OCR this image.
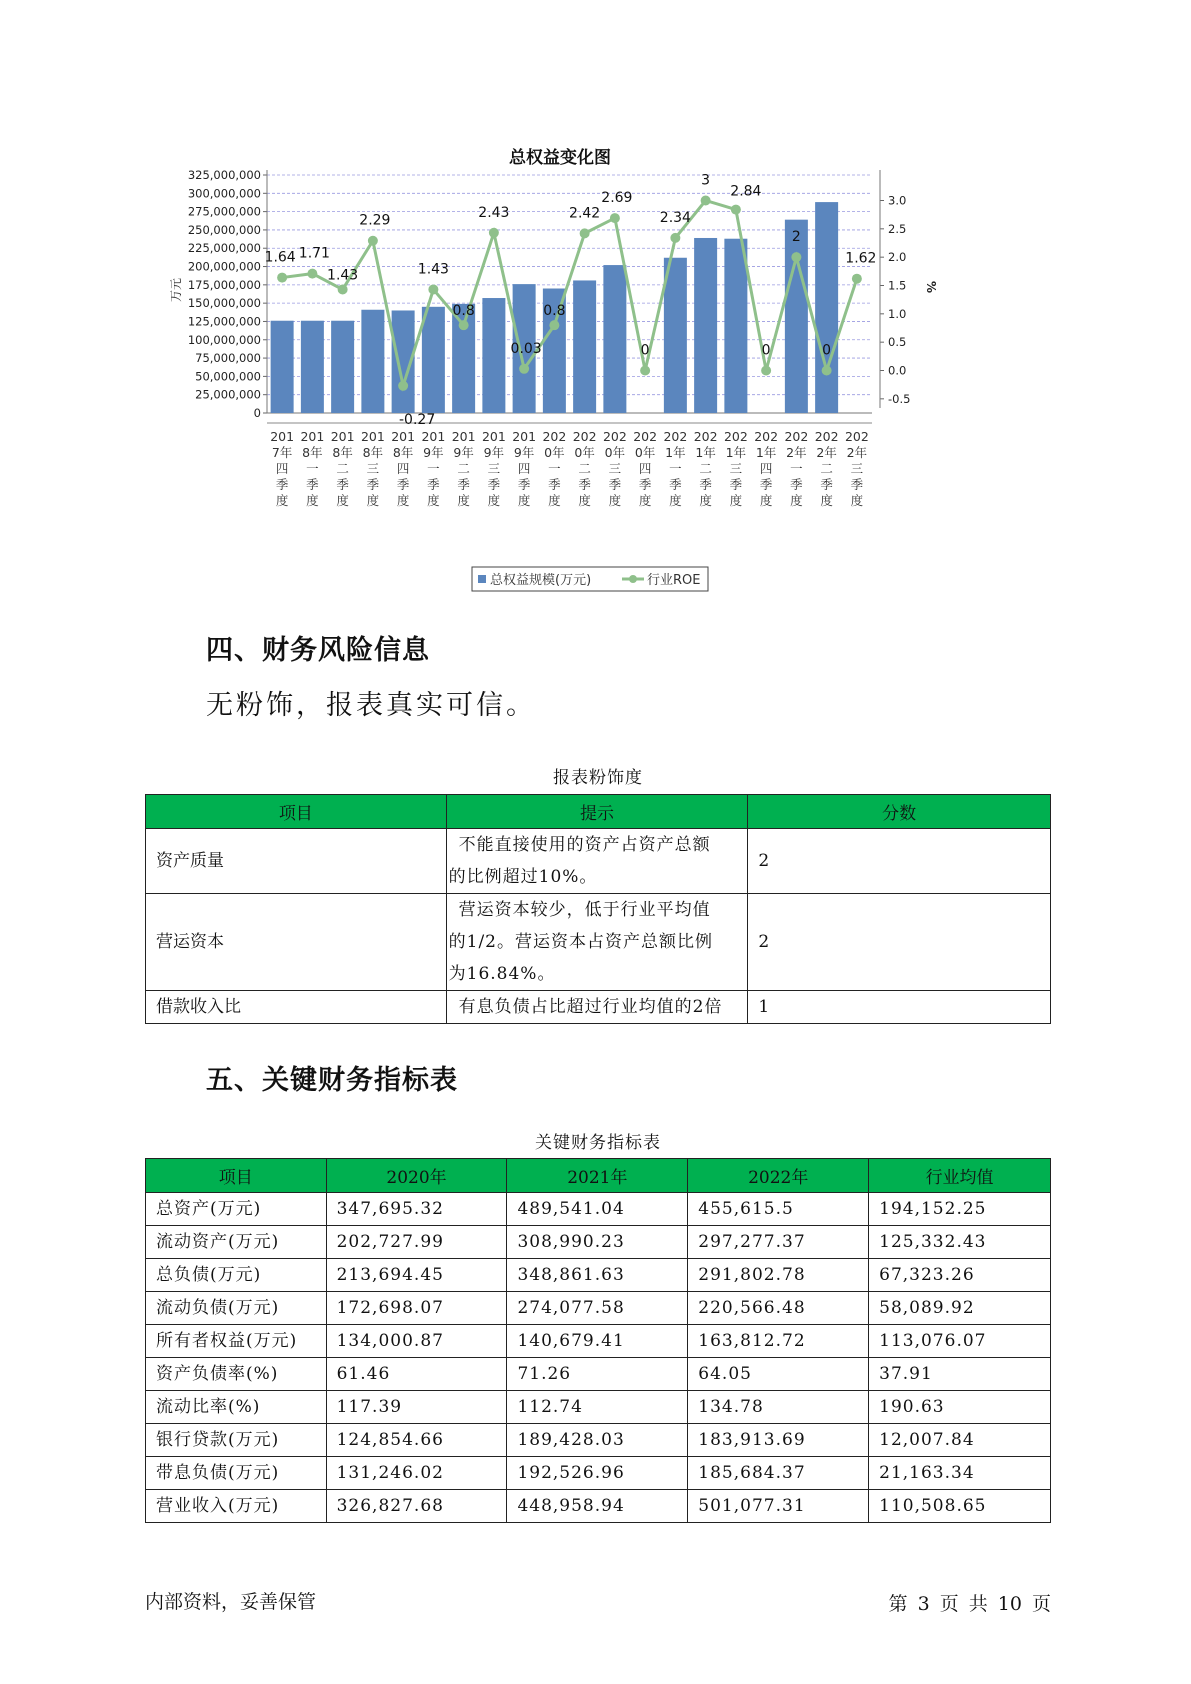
总权益变化图
325,000,000
300,000,000
275,000,000
250,000,000
225,000,000
200,000,000
175,000,000
150,000,000
125,000,000
100,000,000
75,000,000
50,000,000
25,000,000
0
3.0
2.5
2.0
1.5
1.0
0.5
0.0
-0.5
万元	%
201
7年
四
季
度
201
8年
一
季
度
201
8年
二
季
度
201
8年
三
季
度
201
8年
四
季
度
201
9年
一
季
度
201
9年
二
季
度
201
9年
三
季
度
201
9年
四
季
度
202
0年
一
季
度
202
0年
二
季
度
202
0年
三
季
度
202
0年
四
季
度
202
1年
一
季
度
202
1年
二
季
度
202
1年
三
季
度
202
1年
四
季
度
202
2年
一
季
度
202
2年
二
季
度
202
2年
三
季
度
1.64 1.71
1.43
2.29
-0.27
1.43
0.8
2.43
0.03
0.8
2.42
2.69
0
2.34
3
2.84
0
2
0
1.62
总权益规模(万元)	行业ROE
四、财务风险信息
无粉饰，报表真实可信。
报表粉饰度
项目	提示	分数
资产质量	不能直接使用的资产占资产总额
的比例超过10%。	2
营运资本	营运资本较少，低于行业平均值
的1/2。营运资本占资产总额比例
为16.84%。	2
借款收入比	有息负债占比超过行业均值的2倍	1
五、关键财务指标表
关键财务指标表
项目	2020年	2021年	2022年	行业均值
总资产(万元)	347,695.32	489,541.04	455,615.5	194,152.25
流动资产(万元)	202,727.99	308,990.23	297,277.37	125,332.43
总负债(万元)	213,694.45	348,861.63	291,802.78	67,323.26
流动负债(万元)	172,698.07	274,077.58	220,566.48	58,089.92
所有者权益(万元)	134,000.87	140,679.41	163,812.72	113,076.07
资产负债率(%)	61.46	71.26	64.05	37.91
流动比率(%)	117.39	112.74	134.78	190.63
银行贷款(万元)	124,854.66	189,428.03	183,913.69	12,007.84
带息负债(万元)	131,246.02	192,526.96	185,684.37	21,163.34
营业收入(万元)	326,827.68	448,958.94	501,077.31	110,508.65
内部资料，妥善保管	第 3 页 共 10 页
